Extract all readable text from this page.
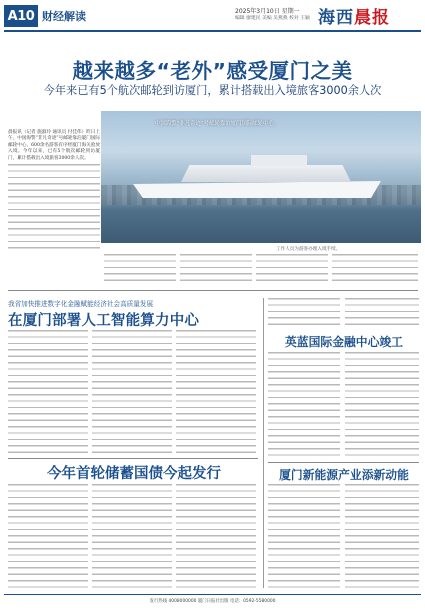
A10 财经解读	2025年3月10日 星期一
编辑 廖建民 美编 吴燕燕 校对 王颖 海西晨报
越来越多“老外”感受厦门之美
今年来已有5个航次邮轮到访厦门，累计搭载出入境旅客3000余人次

晨报讯（记者 施淑玲 通讯员 付佳伟）昨日上午，中国海警“非凡奇迹”号邮轮靠泊厦门国际邮轮中心，600余名游客有序经厦门海关验放入境。今年以来，已有5个航次邮轮到访厦门，累计搭载出入境旅客3000余人次。

中国海警“非凡奇迹”号邮轮靠泊厦门国际邮轮中心。
工作人员为游客办理入境手续。
我省加快推进数字化金融赋能经济社会高质量发展
在厦门部署人工智能算力中心
今年首轮储蓄国债今起发行
英蓝国际金融中心竣工
厦门新能源产业添新动能
发行热线 4008000000 厦门日报社出版 电话：0592-5580000
